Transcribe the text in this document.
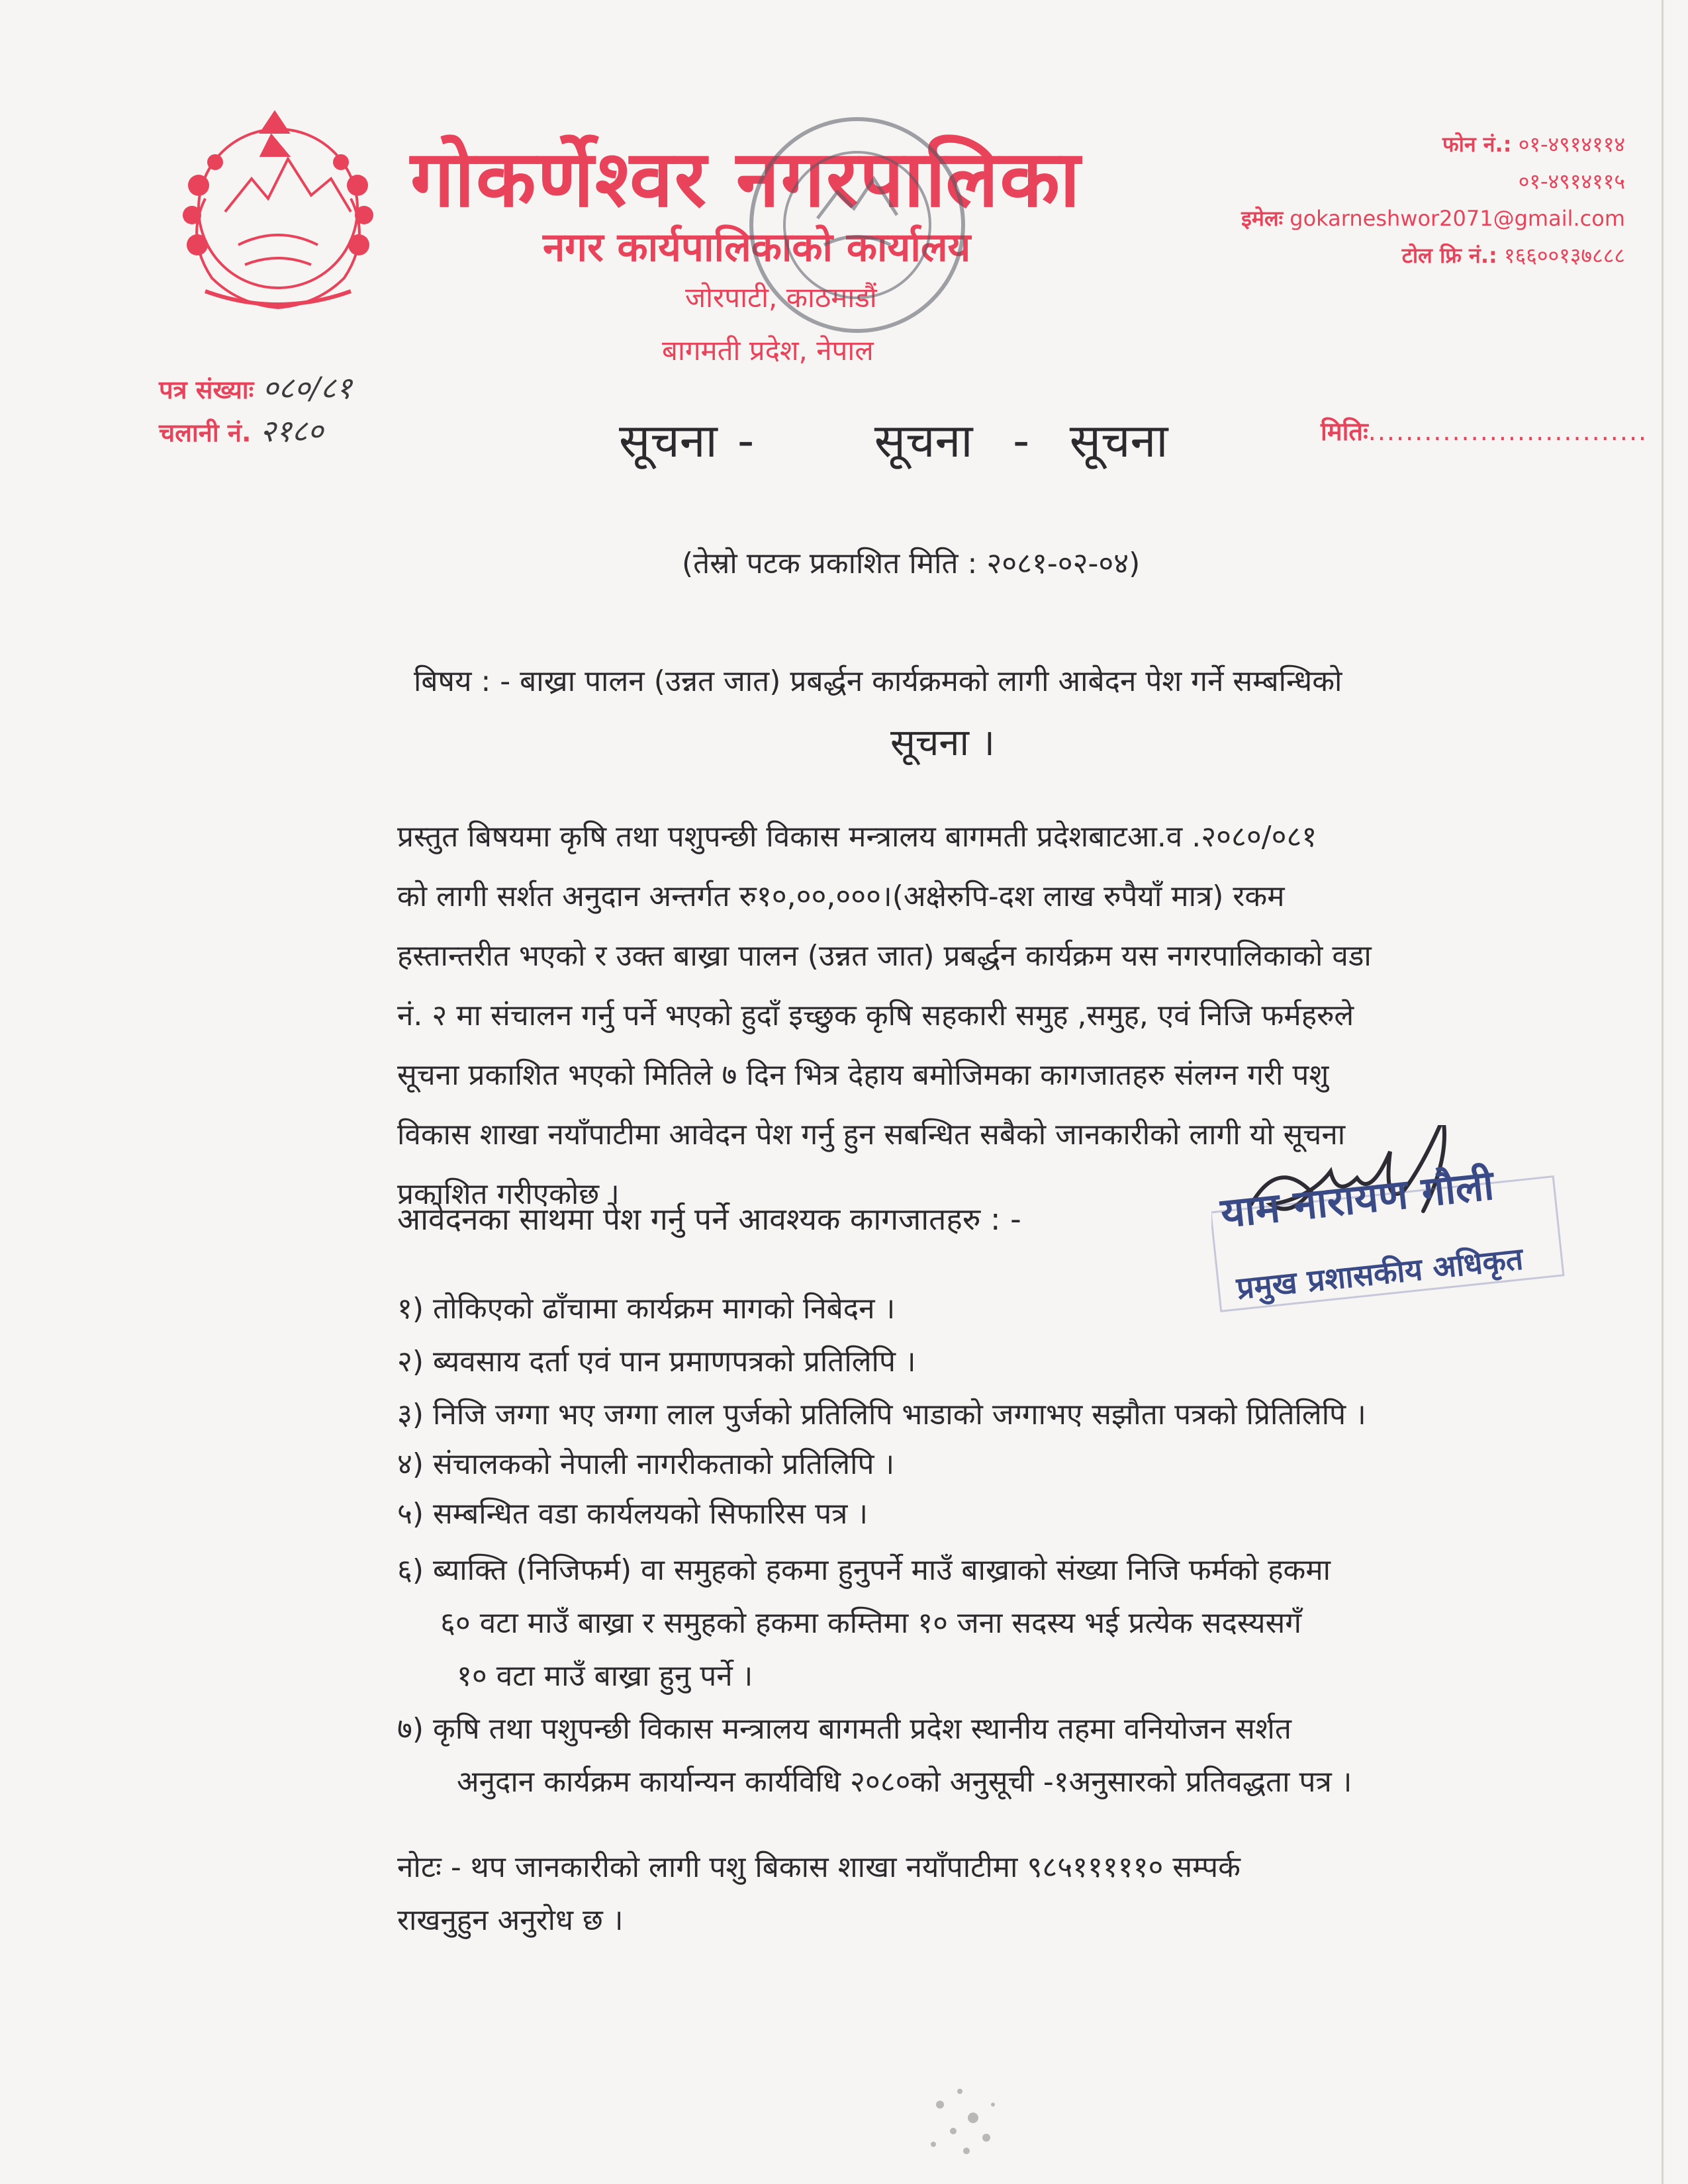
गोकर्णेश्वर नगरपालिका
नगर कार्यपालिकाको कार्यालय
जोरपाटी, काठमाडौं
बागमती प्रदेश, नेपाल
फोन नं.: ०१-४९१४११४
०१-४९१४११५
इमेलः gokarneshwor2071@gmail.com
टोल फ्रि नं.: १६६००१३७८८८
पत्र संख्याः ०८०/८१
चलानी नं. २१८०	सूचना -      सूचना  -  सूचना	मितिः..............................
(तेस्रो पटक प्रकाशित मिति : २०८१-०२-०४)
बिषय : - बाख्रा पालन (उन्नत जात) प्रबर्द्धन कार्यक्रमको लागी आबेदन पेश गर्ने सम्बन्धिको
सूचना ।
प्रस्तुत बिषयमा कृषि तथा पशुपन्छी विकास मन्त्रालय बागमती प्रदेशबाटआ.व .२०८०/०८१
को लागी सर्शत अनुदान अन्तर्गत रु१०,००,०००।(अक्षेरुपि-दश लाख रुपैयाँ मात्र) रकम
हस्तान्तरीत भएको र उक्त बाख्रा पालन (उन्नत जात) प्रबर्द्धन कार्यक्रम यस नगरपालिकाको वडा
नं. २ मा संचालन गर्नु पर्ने भएको हुदाँ इच्छुक कृषि सहकारी समुह ,समुह, एवं निजि फर्महरुले
सूचना प्रकाशित भएको मितिले ७ दिन भित्र देहाय बमोजिमका कागजातहरु संलग्न गरी पशु
विकास शाखा नयाँपाटीमा आवेदन पेश गर्नु हुन सबन्धित सबैको जानकारीको लागी यो सूचना
प्रकाशित गरीएकोछ ।
आवेदनका साथमा पेश गर्नु पर्ने आवश्यक कागजातहरु : -
१) तोकिएको ढाँचामा कार्यक्रम मागको निबेदन ।
२) ब्यवसाय दर्ता एवं पान प्रमाणपत्रको प्रतिलिपि ।
३) निजि जग्गा भए जग्गा लाल पुर्जको प्रतिलिपि भाडाको जग्गाभए सझौता पत्रको प्रितिलिपि ।
४) संचालकको नेपाली नागरीकताको प्रतिलिपि ।
५) सम्बन्धित वडा कार्यलयको सिफारिस पत्र ।
६) ब्याक्ति (निजिफर्म) वा समुहको हकमा हुनुपर्ने माउँ बाख्राको संख्या निजि फर्मको हकमा
६० वटा माउँ बाख्रा र समुहको हकमा कम्तिमा १० जना सदस्य भई प्रत्येक सदस्यसगँ
१० वटा माउँ बाख्रा हुनु पर्ने ।
७) कृषि तथा पशुपन्छी विकास मन्त्रालय बागमती प्रदेश स्थानीय तहमा वनियोजन सर्शत
अनुदान कार्यक्रम कार्यान्यन कार्यविधि २०८०को अनुसूची -१अनुसारको प्रतिवद्धता पत्र ।
नोटः - थप जानकारीको लागी पशु बिकास शाखा नयाँपाटीमा ९८५१११११० सम्पर्क
राखनुहुन अनुरोध छ ।
याम नारायण गौली
प्रमुख प्रशासकीय अधिकृत
